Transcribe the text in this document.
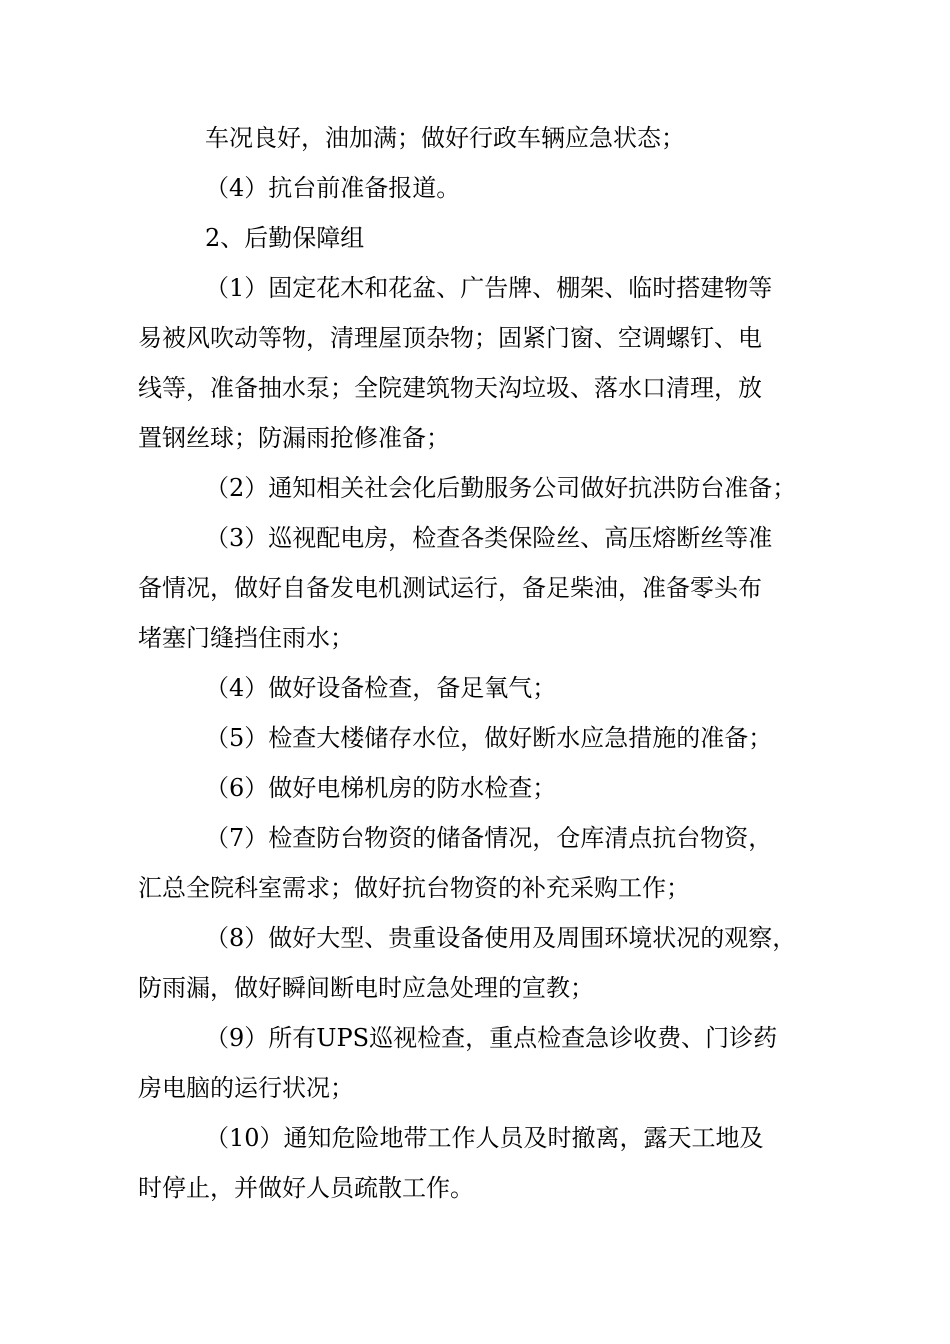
车况良好，油加满；做好行政车辆应急状态；
（4）抗台前准备报道。
2、后勤保障组
（1）固定花木和花盆、广告牌、棚架、临时搭建物等
易被风吹动等物，清理屋顶杂物；固紧门窗、空调螺钉、电
线等，准备抽水泵；全院建筑物天沟垃圾、落水口清理，放
置钢丝球；防漏雨抢修准备；
（2）通知相关社会化后勤服务公司做好抗洪防台准备；
（3）巡视配电房，检查各类保险丝、高压熔断丝等准
备情况，做好自备发电机测试运行，备足柴油，准备零头布
堵塞门缝挡住雨水；
（4）做好设备检查，备足氧气；
（5）检查大楼储存水位，做好断水应急措施的准备；
（6）做好电梯机房的防水检查；
（7）检查防台物资的储备情况，仓库清点抗台物资，
汇总全院科室需求；做好抗台物资的补充采购工作；
（8）做好大型、贵重设备使用及周围环境状况的观察，
防雨漏，做好瞬间断电时应急处理的宣教；
（9）所有UPS巡视检查，重点检查急诊收费、门诊药
房电脑的运行状况；
（10）通知危险地带工作人员及时撤离，露天工地及
时停止，并做好人员疏散工作。
